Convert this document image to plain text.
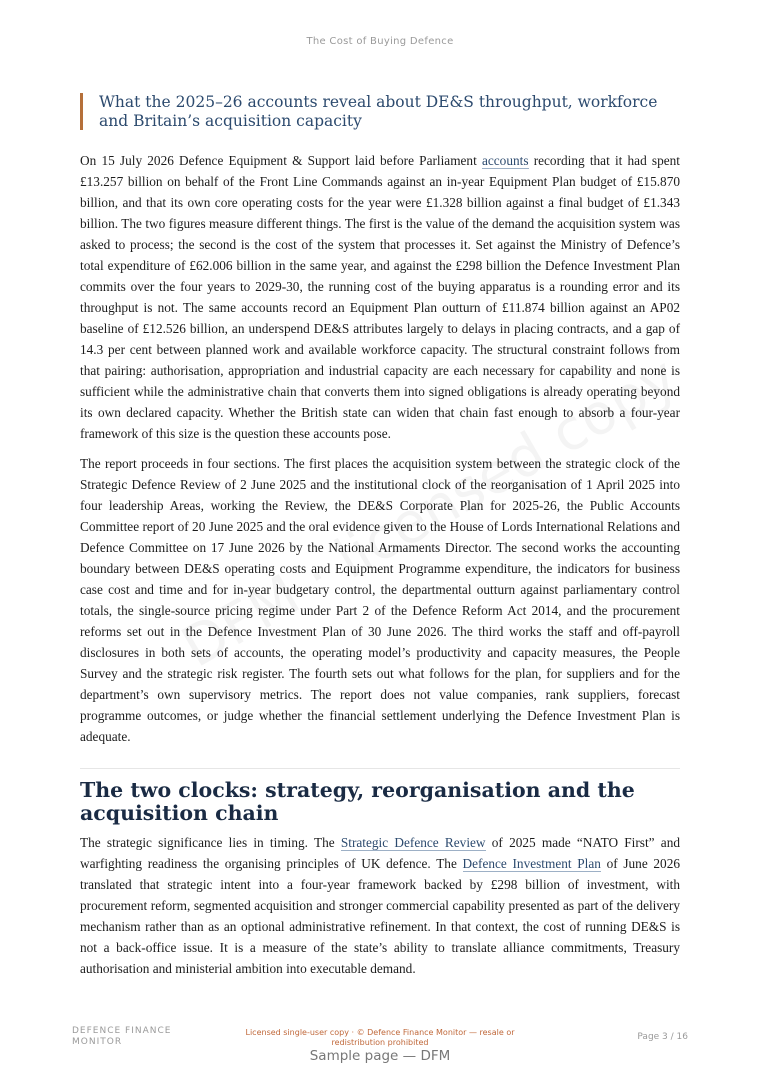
The Cost of Buying Defence
What the 2025–26 accounts reveal about DE&S throughput, workforce and Britain’s acquisition capacity

On 15 July 2026 Defence Equipment & Support laid before Parliament accounts recording that it had spent £13.257 billion on behalf of the Front Line Commands against an in-year Equipment Plan budget of £15.870 billion, and that its own core operating costs for the year were £1.328 billion against a final budget of £1.343 billion. The two figures measure different things. The first is the value of the demand the acquisition system was asked to process; the second is the cost of the system that processes it. Set against the Ministry of Defence’s total expenditure of £62.006 billion in the same year, and against the £298 billion the Defence Investment Plan commits over the four years to 2029-30, the running cost of the buying apparatus is a rounding error and its throughput is not. The same accounts record an Equipment Plan outturn of £11.874 billion against an AP02 baseline of £12.526 billion, an underspend DE&S attributes largely to delays in placing contracts, and a gap of 14.3 per cent between planned work and available workforce capacity. The structural constraint follows from that pairing: authorisation, appropriation and industrial capacity are each necessary for capability and none is sufficient while the administrative chain that converts them into signed obligations is already operating beyond its own declared capacity. Whether the British state can widen that chain fast enough to absorb a four-year framework of this size is the question these accounts pose.

The report proceeds in four sections. The first places the acquisition system between the strategic clock of the Strategic Defence Review of 2 June 2025 and the institutional clock of the reorganisation of 1 April 2025 into four leadership Areas, working the Review, the DE&S Corporate Plan for 2025-26, the Public Accounts Committee report of 20 June 2025 and the oral evidence given to the House of Lords International Relations and Defence Committee on 17 June 2026 by the National Armaments Director. The second works the accounting boundary between DE&S operating costs and Equipment Programme expenditure, the indicators for business case cost and time and for in-year budgetary control, the departmental outturn against parliamentary control totals, the single-source pricing regime under Part 2 of the Defence Reform Act 2014, and the procurement reforms set out in the Defence Investment Plan of 30 June 2026. The third works the staff and off-payroll disclosures in both sets of accounts, the operating model’s productivity and capacity measures, the People Survey and the strategic risk register. The fourth sets out what follows for the plan, for suppliers and for the department’s own supervisory metrics. The report does not value companies, rank suppliers, forecast programme outcomes, or judge whether the financial settlement underlying the Defence Investment Plan is adequate.

The two clocks: strategy, reorganisation and the acquisition chain

The strategic significance lies in timing. The Strategic Defence Review of 2025 made “NATO First” and warfighting readiness the organising principles of UK defence. The Defence Investment Plan of June 2026 translated that strategic intent into a four-year framework backed by £298 billion of investment, with procurement reform, segmented acquisition and stronger commercial capability presented as part of the delivery mechanism rather than as an optional administrative refinement. In that context, the cost of running DE&S is not a back-office issue. It is a measure of the state’s ability to translate alliance commitments, Treasury authorisation and ministerial ambition into executable demand.

DEFENCE FINANCE MONITOR
Licensed single-user copy · © Defence Finance Monitor — resale or redistribution prohibited
Page 3 / 16
Sample page — DFM
